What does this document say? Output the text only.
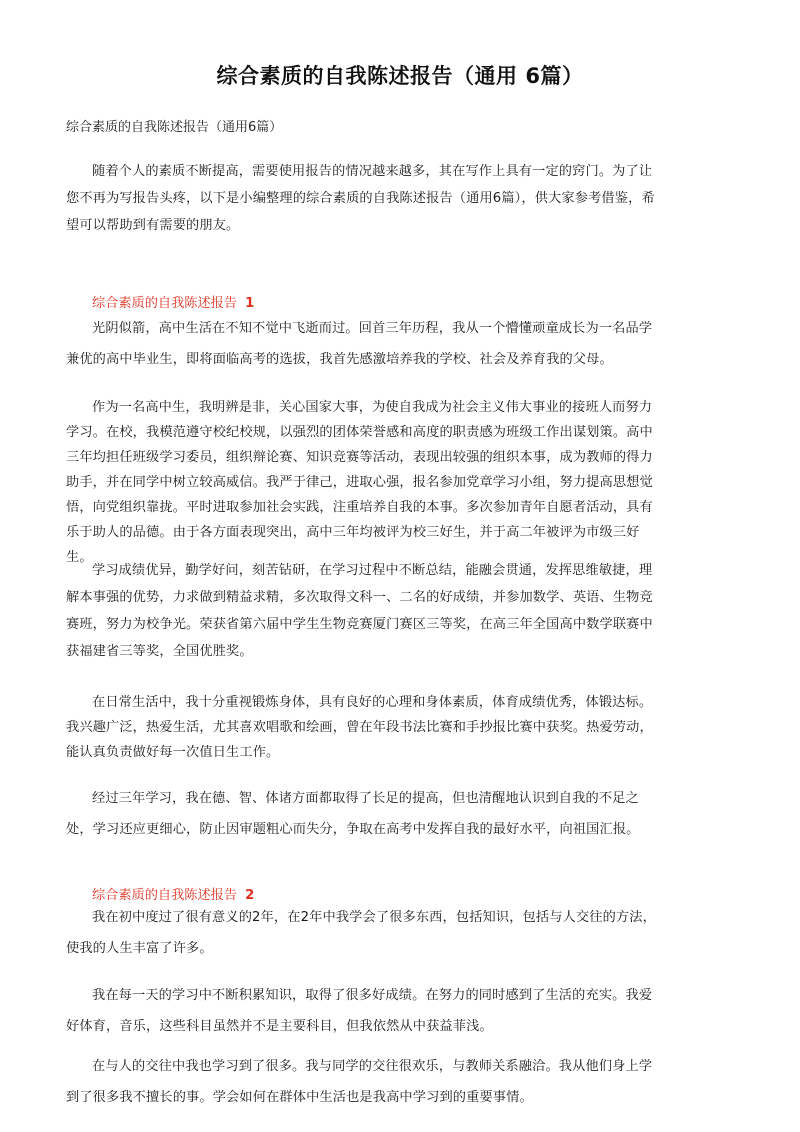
综合素质的自我陈述报告（通用 6篇）
综合素质的自我陈述报告（通用6篇）
随着个人的素质不断提高，需要使用报告的情况越来越多，其在写作上具有一定的窍门。为了让您不再为写报告头疼，以下是小编整理的综合素质的自我陈述报告（通用6篇），供大家参考借鉴，希望可以帮助到有需要的朋友。
综合素质的自我陈述报告 1
光阴似箭，高中生活在不知不觉中飞逝而过。回首三年历程，我从一个懵懂顽童成长为一名品学兼优的高中毕业生，即将面临高考的选拔，我首先感激培养我的学校、社会及养育我的父母。
作为一名高中生，我明辨是非，关心国家大事，为使自我成为社会主义伟大事业的接班人而努力学习。在校，我模范遵守校纪校规，以强烈的团体荣誉感和高度的职责感为班级工作出谋划策。高中三年均担任班级学习委员，组织辩论赛、知识竞赛等活动，表现出较强的组织本事，成为教师的得力助手，并在同学中树立较高威信。我严于律己，进取心强，报名参加党章学习小组，努力提高思想觉悟，向党组织靠拢。平时进取参加社会实践，注重培养自我的本事。多次参加青年自愿者活动，具有乐于助人的品德。由于各方面表现突出，高中三年均被评为校三好生，并于高二年被评为市级三好生。
学习成绩优异，勤学好问，刻苦钻研，在学习过程中不断总结，能融会贯通，发挥思维敏捷，理解本事强的优势，力求做到精益求精，多次取得文科一、二名的好成绩，并参加数学、英语、生物竞赛班，努力为校争光。荣获省第六届中学生生物竞赛厦门赛区三等奖，在高三年全国高中数学联赛中获福建省三等奖，全国优胜奖。
在日常生活中，我十分重视锻炼身体，具有良好的心理和身体素质，体育成绩优秀，体锻达标。我兴趣广泛，热爱生活，尤其喜欢唱歌和绘画，曾在年段书法比赛和手抄报比赛中获奖。热爱劳动，能认真负责做好每一次值日生工作。
经过三年学习，我在德、智、体诸方面都取得了长足的提高，但也清醒地认识到自我的不足之处，学习还应更细心，防止因审题粗心而失分，争取在高考中发挥自我的最好水平，向祖国汇报。
综合素质的自我陈述报告 2
我在初中度过了很有意义的2年，在2年中我学会了很多东西，包括知识，包括与人交往的方法，使我的人生丰富了许多。
我在每一天的学习中不断积累知识，取得了很多好成绩。在努力的同时感到了生活的充实。我爱好体育，音乐，这些科目虽然并不是主要科目，但我依然从中获益菲浅。
在与人的交往中我也学习到了很多。我与同学的交往很欢乐，与教师关系融洽。我从他们身上学到了很多我不擅长的事。学会如何在群体中生活也是我高中学习到的重要事情。
